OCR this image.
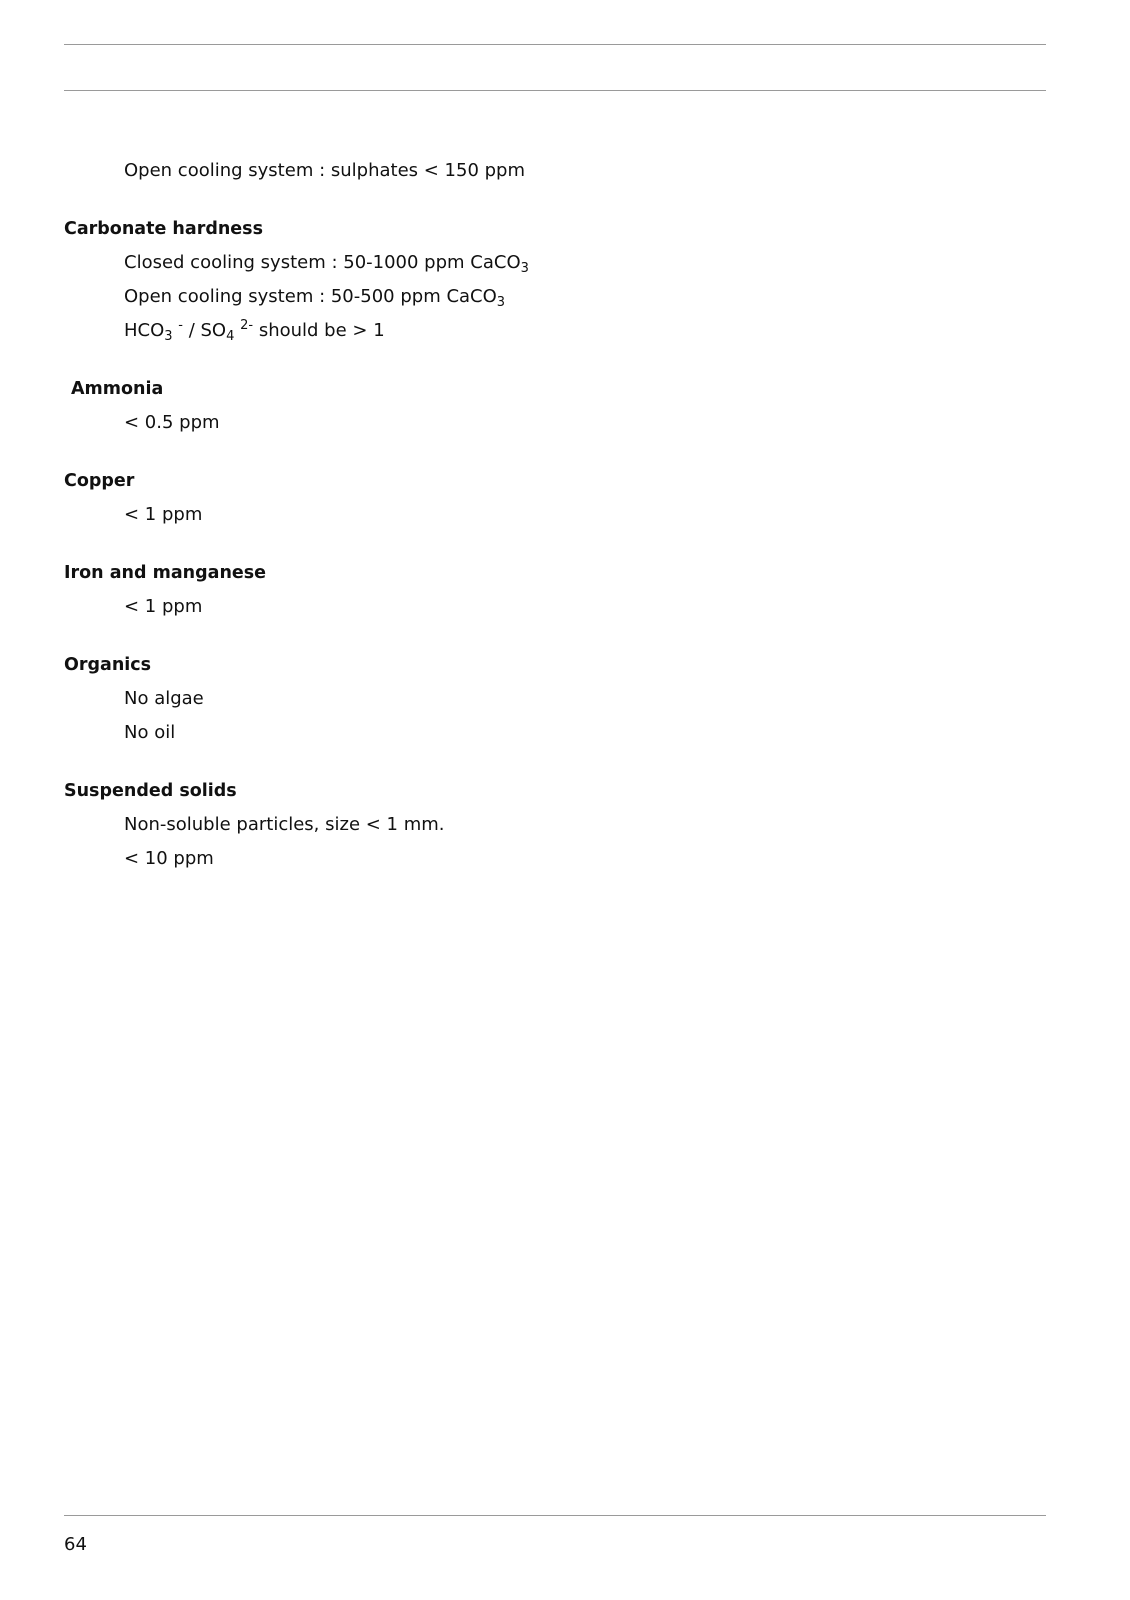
Open cooling system : sulphates < 150 ppm
Carbonate hardness
Closed cooling system : 50-1000 ppm CaCO$_3$
Open cooling system : 50-500 ppm CaCO$_3$
$HCO_3$ $^- / SO_4$ $^{2-}$ should be > 1
Ammonia
< 0.5 ppm
Copper
< 1 ppm
Iron and manganese
< 1 ppm
Organics
No algae
No oil
Suspended solids
Non-soluble particles, size < 1 mm.
< 10 ppm
64
